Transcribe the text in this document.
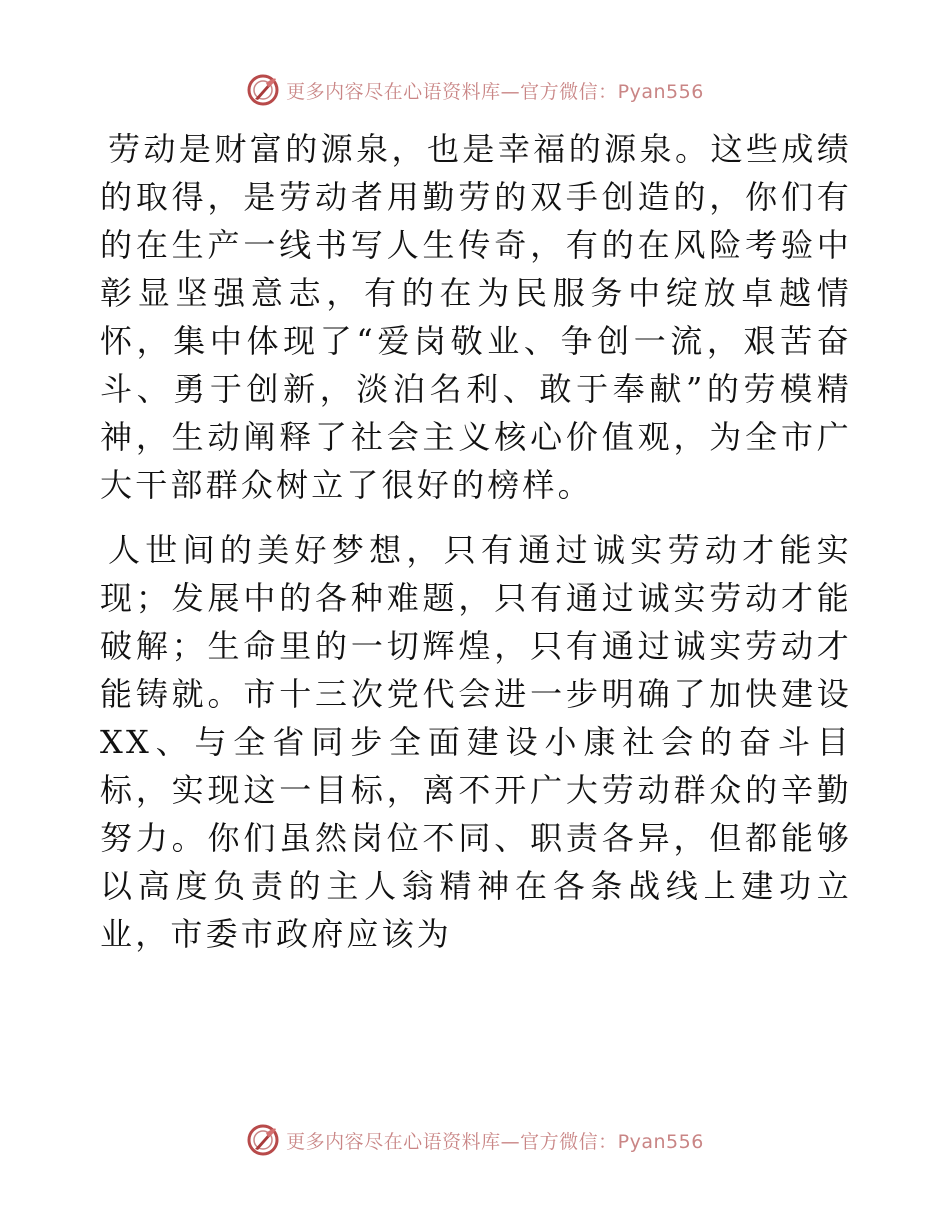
更多内容尽在心语资料库—官方微信：Pyan556

劳动是财富的源泉，也是幸福的源泉。这些成绩的取得，是劳动者用勤劳的双手创造的，你们有的在生产一线书写人生传奇，有的在风险考验中彰显坚强意志，有的在为民服务中绽放卓越情怀，集中体现了“爱岗敬业、争创一流，艰苦奋斗、勇于创新，淡泊名利、敢于奉献”的劳模精神，生动阐释了社会主义核心价值观，为全市广大干部群众树立了很好的榜样。

人世间的美好梦想，只有通过诚实劳动才能实现；发展中的各种难题，只有通过诚实劳动才能破解；生命里的一切辉煌，只有通过诚实劳动才能铸就。市十三次党代会进一步明确了加快建设XX、与全省同步全面建设小康社会的奋斗目标，实现这一目标，离不开广大劳动群众的辛勤努力。你们虽然岗位不同、职责各异，但都能够以高度负责的主人翁精神在各条战线上建功立业，市委市政府应该为

更多内容尽在心语资料库—官方微信：Pyan556
